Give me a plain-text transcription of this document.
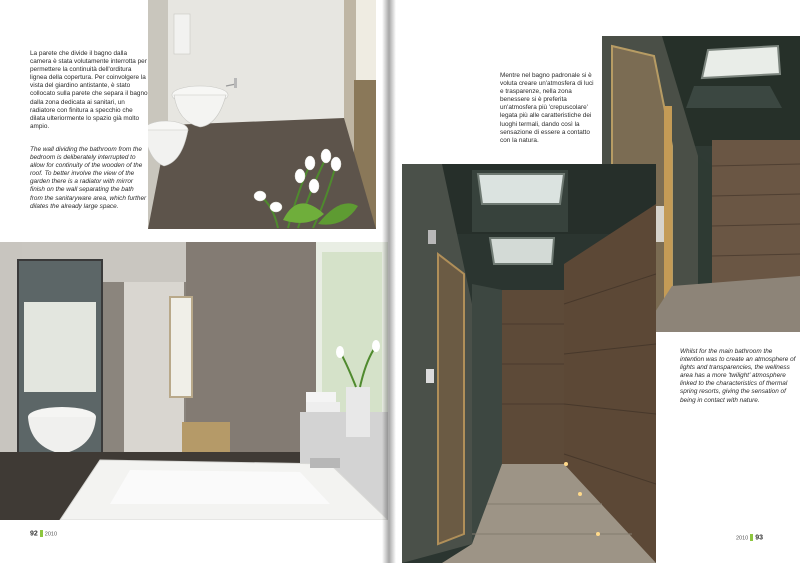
La parete che divide il bagno dalla camera è stata volutamente interrotta per permettere la continuità dell'orditura lignea della copertura. Per coinvolgere la vista del giardino antistante, è stato collocato sulla parete che separa il bagno dalla zona dedicata ai sanitari, un radiatore con finitura a specchio che dilata ulteriormente lo spazio già molto ampio.

The wall dividing the bathroom from the bedroom is deliberately interrupted to allow for continuity of the wooden of the roof. To better involve the view of the garden there is a radiator with mirror finish on the wall separating the bath from the sanitaryware area, which further dilates the already large space.

92 2010

Mentre nel bagno padronale si è voluta creare un'atmosfera di luci e trasparenze, nella zona benessere si è preferita un'atmosfera più 'crepuscolare' legata più alle caratteristiche dei luoghi termali, dando così la sensazione di essere a contatto con la natura.

Whilst for the main bathroom the intention was to create an atmosphere of lights and transparencies, the wellness area has a more 'twilight' atmosphere linked to the characteristics of thermal spring resorts, giving the sensation of being in contact with nature.

2010 93
